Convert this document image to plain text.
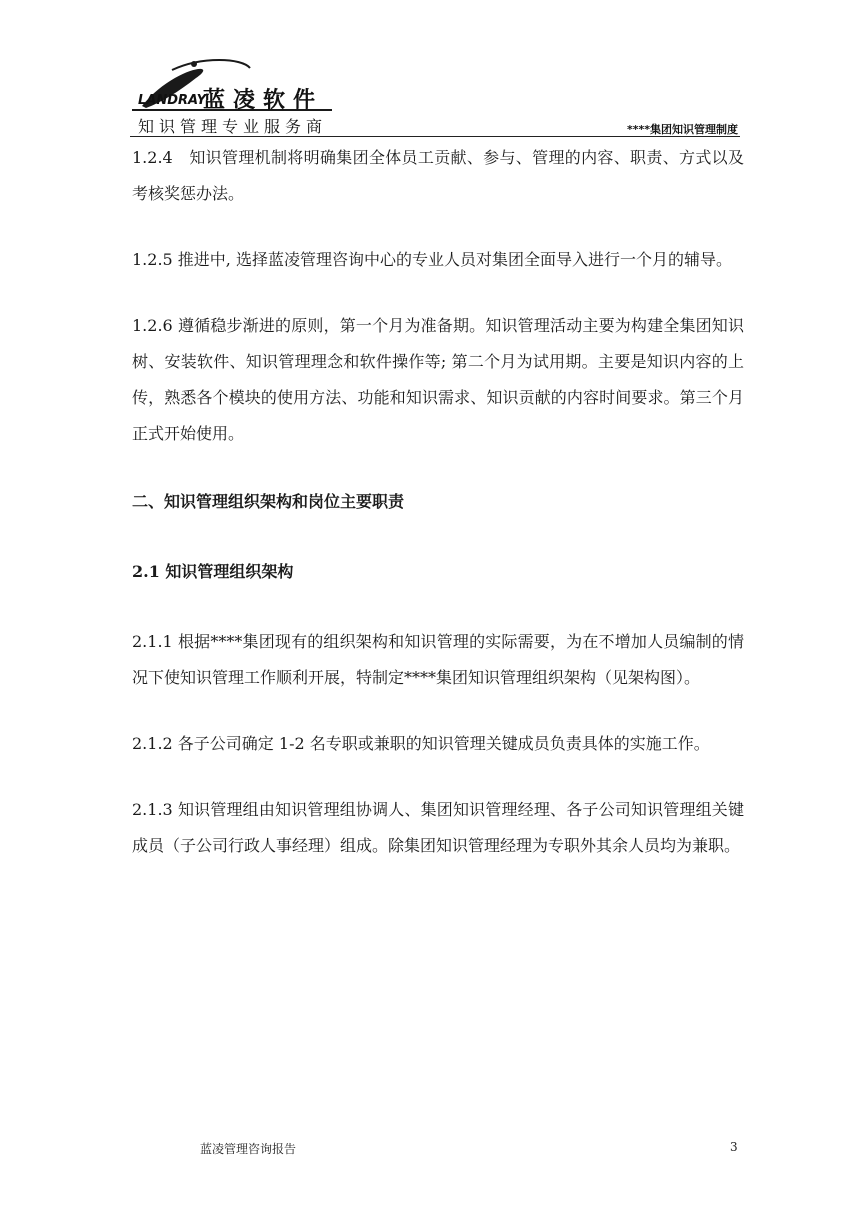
LANDRAY
蓝凌软件
知识管理专业服务商	****集团知识管理制度

1.2.4　知识管理机制将明确集团全体员工贡献、参与、管理的内容、职责、方式以及考核奖惩办法。

1.2.5 推进中, 选择蓝凌管理咨询中心的专业人员对集团全面导入进行一个月的辅导。

1.2.6 遵循稳步渐进的原则，第一个月为准备期。知识管理活动主要为构建全集团知识树、安装软件、知识管理理念和软件操作等; 第二个月为试用期。主要是知识内容的上传，熟悉各个模块的使用方法、功能和知识需求、知识贡献的内容时间要求。第三个月正式开始使用。

二、知识管理组织架构和岗位主要职责

2.1 知识管理组织架构

2.1.1 根据****集团现有的组织架构和知识管理的实际需要，为在不增加人员编制的情况下使知识管理工作顺利开展，特制定****集团知识管理组织架构（见架构图）。

2.1.2 各子公司确定 1-2 名专职或兼职的知识管理关键成员负责具体的实施工作。

2.1.3 知识管理组由知识管理组协调人、集团知识管理经理、各子公司知识管理组关键成员（子公司行政人事经理）组成。除集团知识管理经理为专职外其余人员均为兼职。

蓝凌管理咨询报告	3
